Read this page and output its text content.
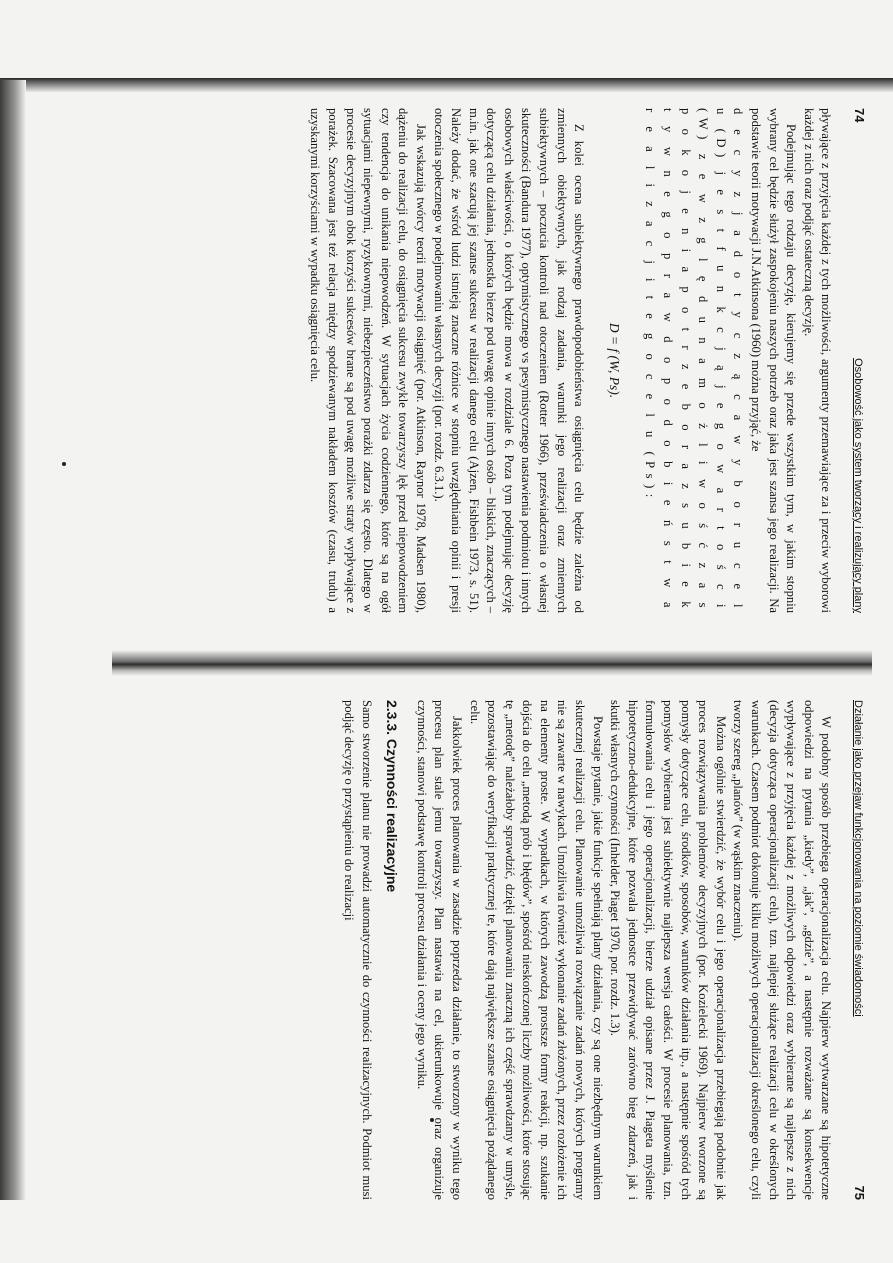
74
Osobowość jako system tworzący i realizujący plany

pływające z przyjęcia każdej z tych możliwości, argumenty przemawiające za i przeciw wyborowi każdej z nich oraz podjąć ostateczną decyzję.

Podejmując tego rodzaju decyzję, kierujemy się przede wszystkim tym, w jakim stopniu wybrany cel będzie służył zaspokojeniu naszych potrzeb oraz jaka jest szansa jego realizacji. Na podstawie teorii motywacji J.N.Atkinsona (1960) można przyjąć, że

d e c y z j a d o t y c z ą c a w y b o r u c e l u (D) j e s t f u n k c j ą j e g o w a r t o ś c i (W) z e w z g l ę d u n a m o ż l i w o ś ć z a s p o k o j e n i a p o t r z e b o r a z s u b i e k t y w n e g o p r a w d o p o d o b i e ń s t w a r e a l i z a c j i t e g o c e l u (Ps):

D = f (W, Ps).

Z kolei ocena subiektywnego prawdopodobieństwa osiągnięcia celu będzie zależna od zmiennych obiektywnych, jak rodzaj zadania, warunki jego realizacji oraz zmiennych subiektywnych – poczucia kontroli nad otoczeniem (Rotter 1966), przeświadczenia o własnej skuteczności (Bandura 1977), optymistycznego vs pesymistycznego nastawienia podmiotu i innych osobowych właściwości, o których będzie mowa w rozdziale 6. Poza tym podejmując decyzję dotyczącą celu działania, jednostka bierze pod uwagę opinie innych osób – bliskich, znaczących – m.in. jak one szacują jej szanse sukcesu w realizacji danego celu (Ajzen, Fishbein 1973, s. 51). Należy dodać, że wśród ludzi istnieją znaczne różnice w stopniu uwzględniania opinii i presji otoczenia społecznego w podejmowaniu własnych decyzji (por. rozdz. 6.3.1.).

Jak wskazują twórcy teorii motywacji osiągnięć (por. Atkinson, Raynor 1978, Madsen 1980), dążeniu do realizacji celu, do osiągnięcia sukcesu zwykle towarzyszy lęk przed niepowodzeniem czy tendencja do unikania niepowodzeń. W sytuacjach życia codziennego, które są na ogół sytuacjami niepewnymi, ryzykownymi, niebezpieczeństwo porażki zdarza się często. Dlatego w procesie decyzyjnym obok korzyści sukcesów brane są pod uwagę możliwe straty wypływające z porażek. Szacowana jest też relacja między spodziewanym nakładem kosztów (czasu, trudu) a uzyskanymi korzyściami w wypadku osiągnięcia celu.

Działanie jako przejaw funkcjonowania na poziomie świadomości
75

W podobny sposób przebiega operacjonalizacja celu. Najpierw wytwarzane są hipotetyczne odpowiedzi na pytania „kiedy”, „jak”, „gdzie”, a następnie rozważane są konsekwencje wypływające z przyjęcia każdej z możliwych odpowiedzi oraz wybierane są najlepsze z nich (decyzja dotycząca operacjonalizacji celu), tzn. najlepiej służące realizacji celu w określonych warunkach. Czasem podmiot dokonuje kilku możliwych operacjonalizacji określonego celu, czyli tworzy szereg „planów” (w wąskim znaczeniu).

Można ogólnie stwierdzić, że wybór celu i jego operacjonalizacja przebiegają podobnie jak proces rozwiązywania problemów decyzyjnych (por. Kozielecki 1969). Najpierw tworzone są pomysły dotyczące celu, środków, sposobów, warunków działania itp., a następnie spośród tych pomysłów wybierana jest subiektywnie najlepsza wersja całości. W procesie planowania, tzn. formułowania celu i jego operacjonalizacji, bierze udział opisane przez J. Piageta myślenie hipotetyczno-dedukcyjne, które pozwala jednostce przewidywać zarówno bieg zdarzeń, jak i skutki własnych czynności (Inhelder, Piaget 1970, por. rozdz. 1.3).

Powstaje pytanie, jakie funkcje spełniają plany działania, czy są one niezbędnym warunkiem skutecznej realizacji celu. Planowanie umożliwia rozwiązanie zadań nowych, których programy nie są zawarte w nawykach. Umożliwia również wykonanie zadań złożonych, przez rozłożenie ich na elementy proste. W wypadkach, w których zawodzą prostsze formy reakcji, np. szukanie dojścia do celu „metodą prób i błędów”, spośród nieskończonej liczby możliwości, które stosując tę „metodę” należałoby sprawdzić, dzięki planowaniu znaczną ich część sprawdzamy w umyśle, pozostawiając do weryfikacji praktycznej te, które dają największe szanse osiągnięcia pożądanego celu.

Jakkolwiek proces planowania w zasadzie poprzedza działanie, to stworzony w wyniku tego procesu plan stale jemu towarzyszy. Plan nastawia na cel, ukierunkowuje oraz organizuje czynności, stanowi podstawę kontroli procesu działania i oceny jego wyniku.

2.3.3. Czynności realizacyjne

Samo stworzenie planu nie prowadzi automatycznie do czynności realizacyjnych. Podmiot musi podjąć decyzję o przystąpieniu do realizacji
